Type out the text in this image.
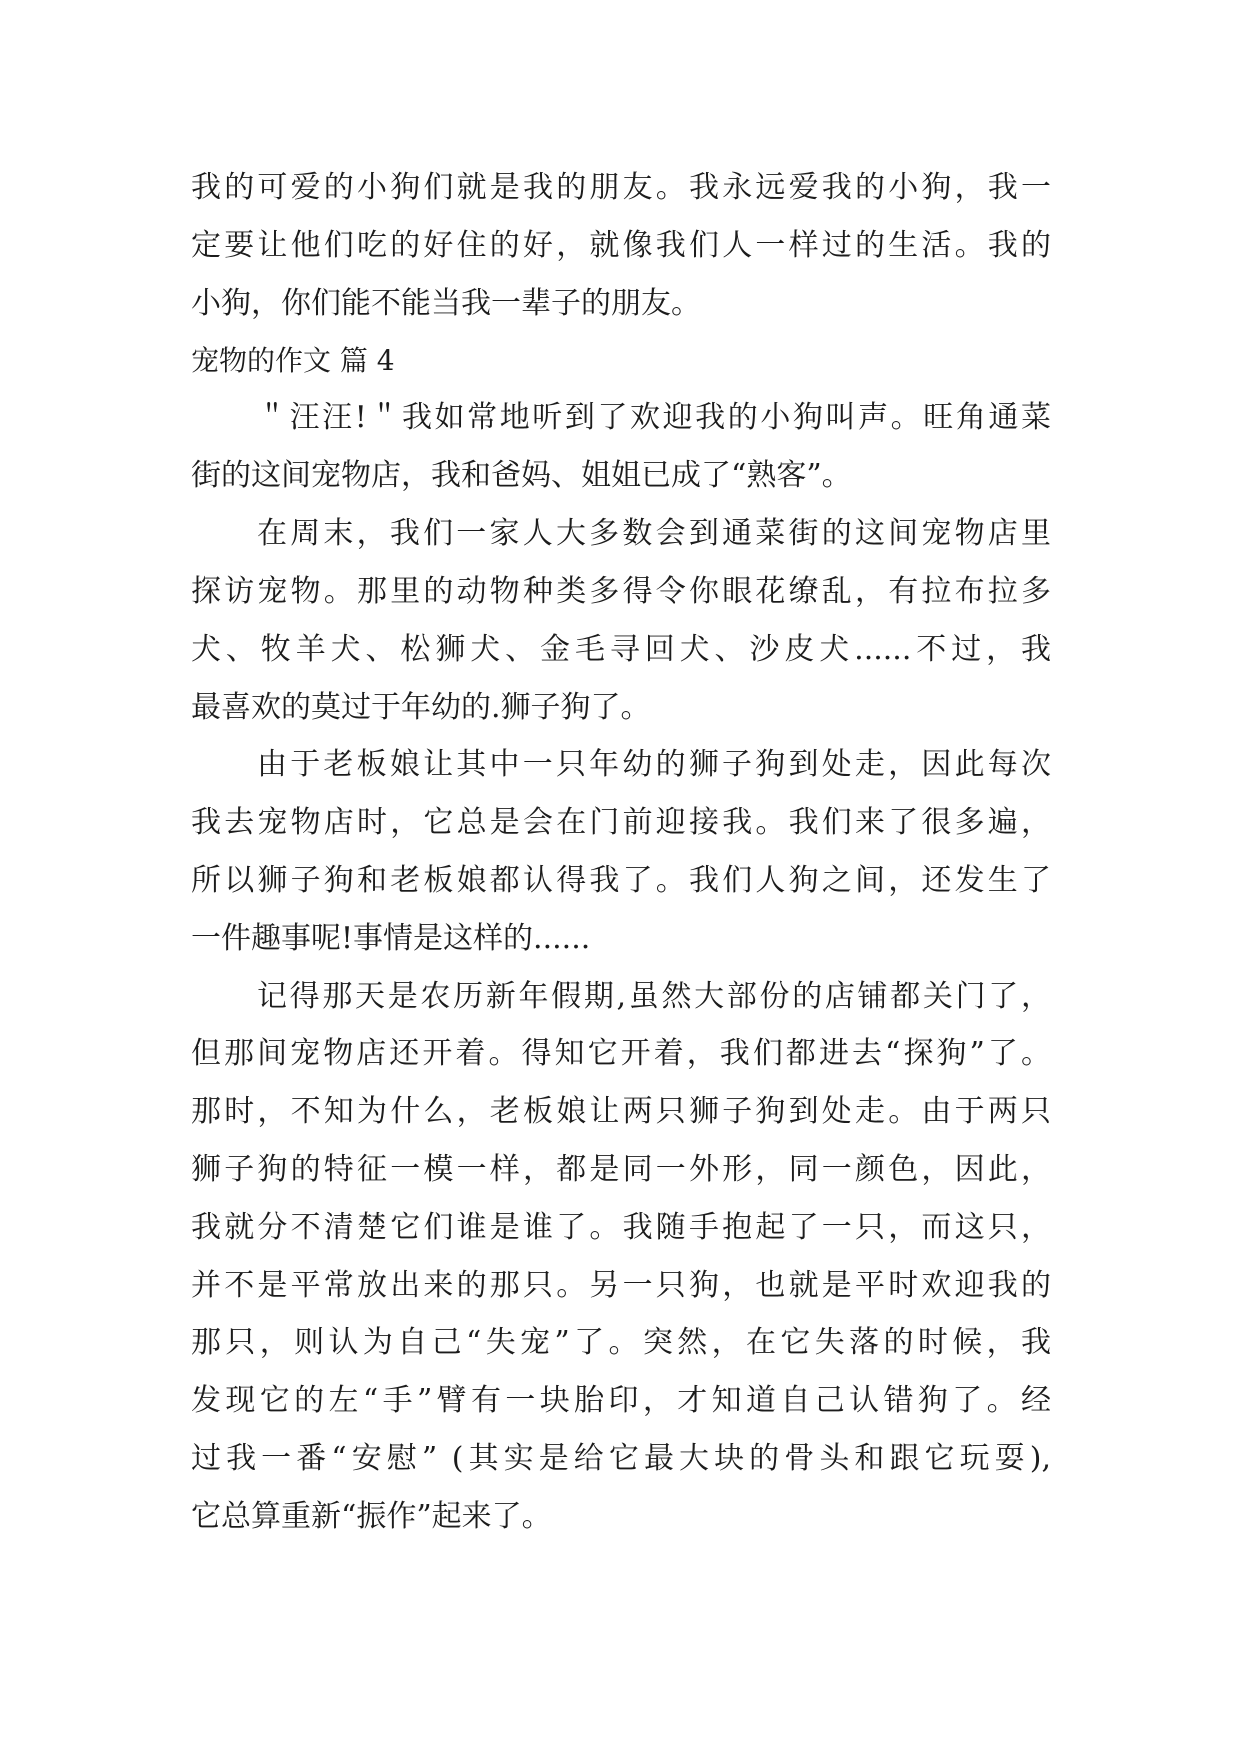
我的可爱的小狗们就是我的朋友。我永远爱我的小狗，我一
定要让他们吃的好住的好，就像我们人一样过的生活。我的
小狗，你们能不能当我一辈子的朋友。
宠物的作文 篇 4
＂汪汪!＂我如常地听到了欢迎我的小狗叫声。旺角通菜
街的这间宠物店，我和爸妈、姐姐已成了“熟客”。
在周末，我们一家人大多数会到通菜街的这间宠物店里
探访宠物。那里的动物种类多得令你眼花缭乱，有拉布拉多
犬、牧羊犬、松狮犬、金毛寻回犬、沙皮犬......不过，我
最喜欢的莫过于年幼的.狮子狗了。
由于老板娘让其中一只年幼的狮子狗到处走，因此每次
我去宠物店时，它总是会在门前迎接我。我们来了很多遍，
所以狮子狗和老板娘都认得我了。我们人狗之间，还发生了
一件趣事呢!事情是这样的......
记得那天是农历新年假期,虽然大部份的店铺都关门了，
但那间宠物店还开着。得知它开着，我们都进去“探狗”了。
那时，不知为什么，老板娘让两只狮子狗到处走。由于两只
狮子狗的特征一模一样，都是同一外形，同一颜色，因此，
我就分不清楚它们谁是谁了。我随手抱起了一只，而这只，
并不是平常放出来的那只。另一只狗，也就是平时欢迎我的
那只，则认为自己“失宠”了。突然，在它失落的时候，我
发现它的左“手”臂有一块胎印，才知道自己认错狗了。经
过我一番“安慰” (其实是给它最大块的骨头和跟它玩耍),
它总算重新“振作”起来了。
